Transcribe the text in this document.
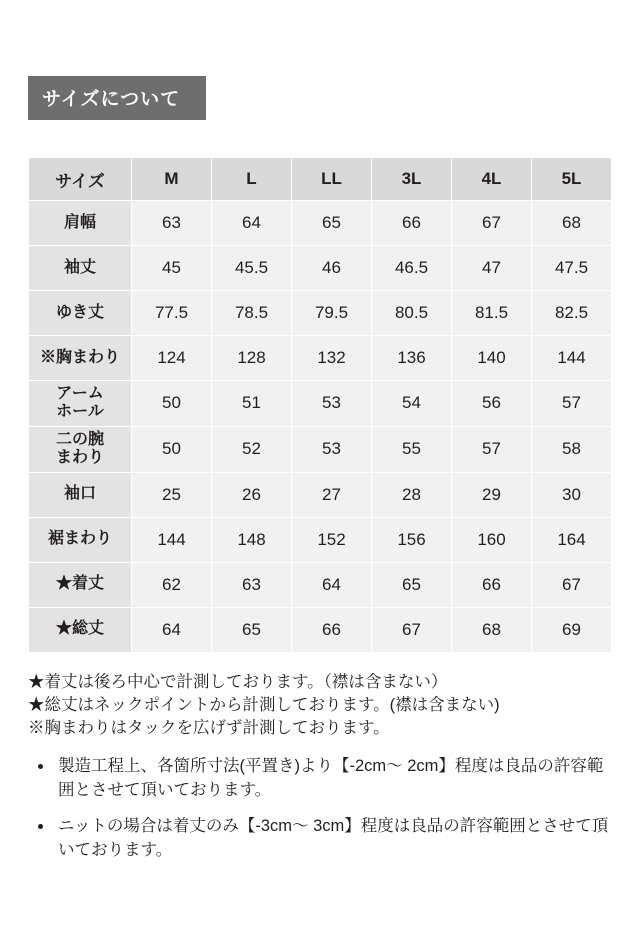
サイズについて
サイズ	M	L	LL	3L	4L	5L
肩幅	63	64	65	66	67	68
袖丈	45	45.5	46	46.5	47	47.5
ゆき丈	77.5	78.5	79.5	80.5	81.5	82.5
※胸まわり	124	128	132	136	140	144
アーム
ホール	50	51	53	54	56	57
二の腕
まわり	50	52	53	55	57	58
袖口	25	26	27	28	29	30
裾まわり	144	148	152	156	160	164
★着丈	62	63	64	65	66	67
★総丈	64	65	66	67	68	69
★着丈は後ろ中心で計測しております。（襟は含まない）
★総丈はネックポイントから計測しております。(襟は含まない)
※胸まわりはタックを広げず計測しております。
• 製造工程上、各箇所寸法(平置き)より【-2cm〜 2cm】程度は良品の許容範囲とさせて頂いております。
• ニットの場合は着丈のみ【-3cm〜 3cm】程度は良品の許容範囲とさせて頂いております。
